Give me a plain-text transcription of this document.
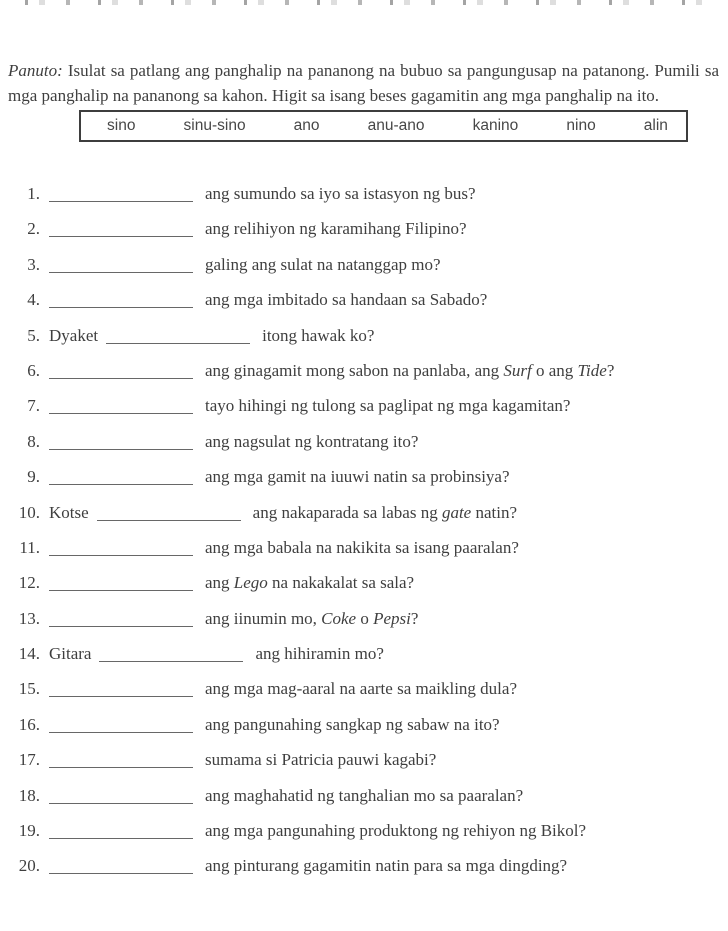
Panuto: Isulat sa patlang ang panghalip na pananong na bubuo sa pangungusap na patanong. Pumili sa mga panghalip na pananong sa kahon. Higit sa isang beses gagamitin ang mga panghalip na ito.

sino	sinu-sino	ano	anu-ano	kanino	nino	alin
1.	ang sumundo sa iyo sa istasyon ng bus?
2.	ang relihiyon ng karamihang Filipino?
3.	galing ang sulat na natanggap mo?
4.	ang mga imbitado sa handaan sa Sabado?
5. Dyaket	itong hawak ko?
6.	ang ginagamit mong sabon na panlaba, ang Surf o ang Tide?
7.	tayo hihingi ng tulong sa paglipat ng mga kagamitan?
8.	ang nagsulat ng kontratang ito?
9.	ang mga gamit na iuuwi natin sa probinsiya?
10. Kotse	ang nakaparada sa labas ng gate natin?
11.	ang mga babala na nakikita sa isang paaralan?
12.	ang Lego na nakakalat sa sala?
13.	ang iinumin mo, Coke o Pepsi?
14. Gitara	ang hihiramin mo?
15.	ang mga mag-aaral na aarte sa maikling dula?
16.	ang pangunahing sangkap ng sabaw na ito?
17.	sumama si Patricia pauwi kagabi?
18.	ang maghahatid ng tanghalian mo sa paaralan?
19.	ang mga pangunahing produktong ng rehiyon ng Bikol?
20.	ang pinturang gagamitin natin para sa mga dingding?
